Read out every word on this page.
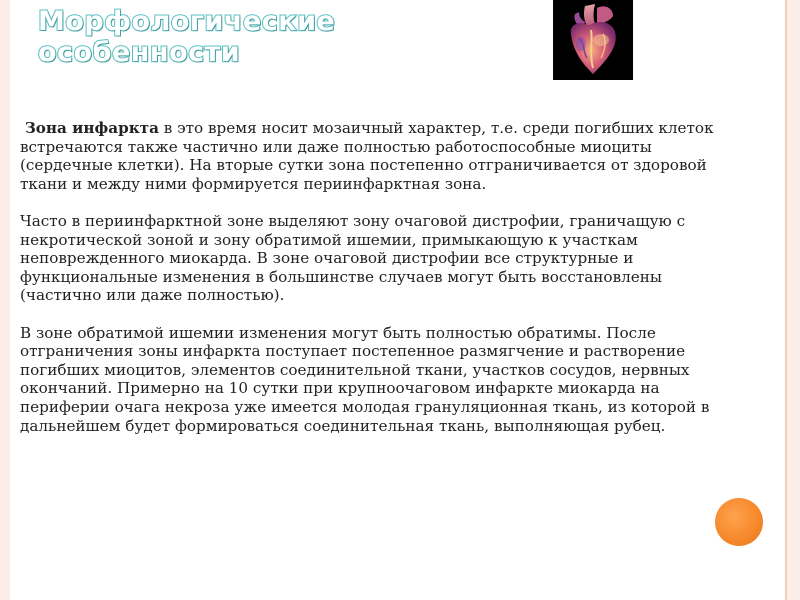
Морфологические особенности

Зона инфаркта в это время носит мозаичный характер, т.е. среди погибших клеток встречаются также частично или даже полностью работоспособные миоциты (сердечные клетки). На вторые сутки зона постепенно отграничивается от здоровой ткани и между ними формируется периинфарктная зона.

Часто в периинфарктной зоне выделяют зону очаговой дистрофии, граничащую с некротической зоной и зону обратимой ишемии, примыкающую к участкам неповрежденного миокарда. В зоне очаговой дистрофии все структурные и функциональные изменения в большинстве случаев могут быть восстановлены (частично или даже полностью).

В зоне обратимой ишемии изменения могут быть полностью обратимы. После отграничения зоны инфаркта поступает постепенное размягчение и растворение погибших миоцитов, элементов соединительной ткани, участков сосудов, нервных окончаний. Примерно на 10 сутки при крупноочаговом инфаркте миокарда на периферии очага некроза уже имеется молодая грануляционная ткань, из которой в дальнейшем будет формироваться соединительная ткань, выполняющая рубец.
